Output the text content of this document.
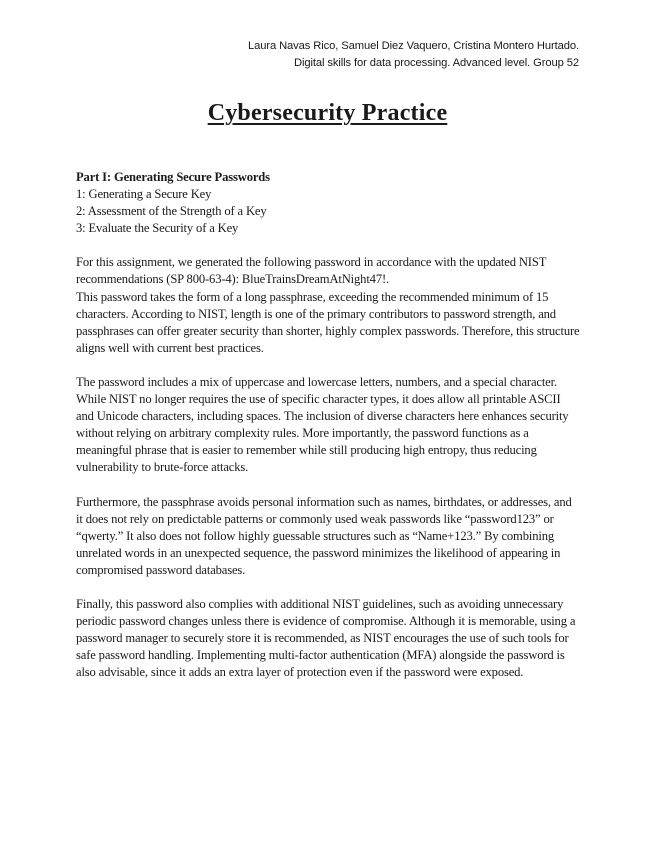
Laura Navas Rico, Samuel Diez Vaquero, Cristina Montero Hurtado.
Digital skills for data processing. Advanced level. Group 52
Cybersecurity Practice

Part I: Generating Secure Passwords
1: Generating a Secure Key
2: Assessment of the Strength of a Key
3: Evaluate the Security of a Key

For this assignment, we generated the following password in accordance with the updated NIST recommendations (SP 800-63-4): BlueTrainsDreamAtNight47!.
This password takes the form of a long passphrase, exceeding the recommended minimum of 15 characters. According to NIST, length is one of the primary contributors to password strength, and passphrases can offer greater security than shorter, highly complex passwords. Therefore, this structure aligns well with current best practices.

The password includes a mix of uppercase and lowercase letters, numbers, and a special character. While NIST no longer requires the use of specific character types, it does allow all printable ASCII and Unicode characters, including spaces. The inclusion of diverse characters here enhances security without relying on arbitrary complexity rules. More importantly, the password functions as a meaningful phrase that is easier to remember while still producing high entropy, thus reducing vulnerability to brute-force attacks.

Furthermore, the passphrase avoids personal information such as names, birthdates, or addresses, and it does not rely on predictable patterns or commonly used weak passwords like “password123” or “qwerty.” It also does not follow highly guessable structures such as “Name+123.” By combining unrelated words in an unexpected sequence, the password minimizes the likelihood of appearing in compromised password databases.

Finally, this password also complies with additional NIST guidelines, such as avoiding unnecessary periodic password changes unless there is evidence of compromise. Although it is memorable, using a password manager to securely store it is recommended, as NIST encourages the use of such tools for safe password handling. Implementing multi-factor authentication (MFA) alongside the password is also advisable, since it adds an extra layer of protection even if the password were exposed.
